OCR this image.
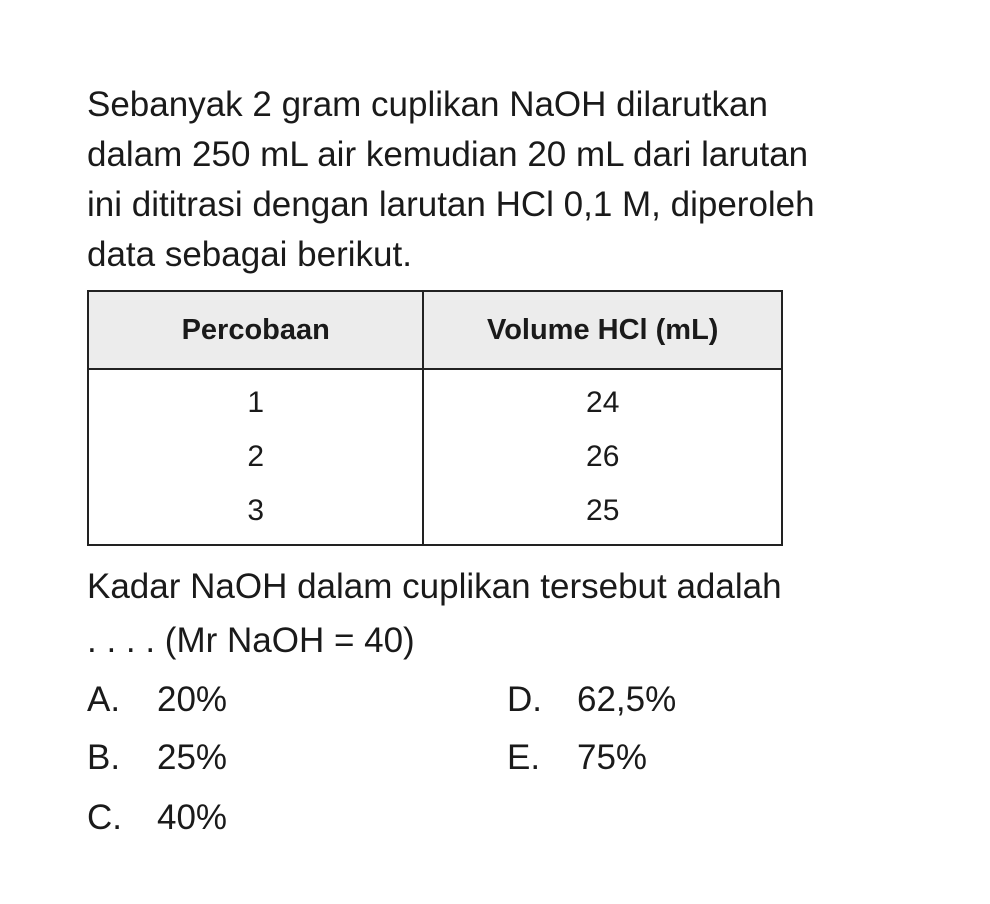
Sebanyak 2 gram cuplikan NaOH dilarutkan
dalam 250 mL air kemudian 20 mL dari larutan
ini dititrasi dengan larutan HCl 0,1 M, diperoleh
data sebagai berikut.
Percobaan	Volume HCl (mL)
1	24
2	26
3	25
Kadar NaOH dalam cuplikan tersebut adalah
. . . . (Mr NaOH = 40)
A. 20%
B. 25%
C. 40%
D. 62,5%
E. 75%
